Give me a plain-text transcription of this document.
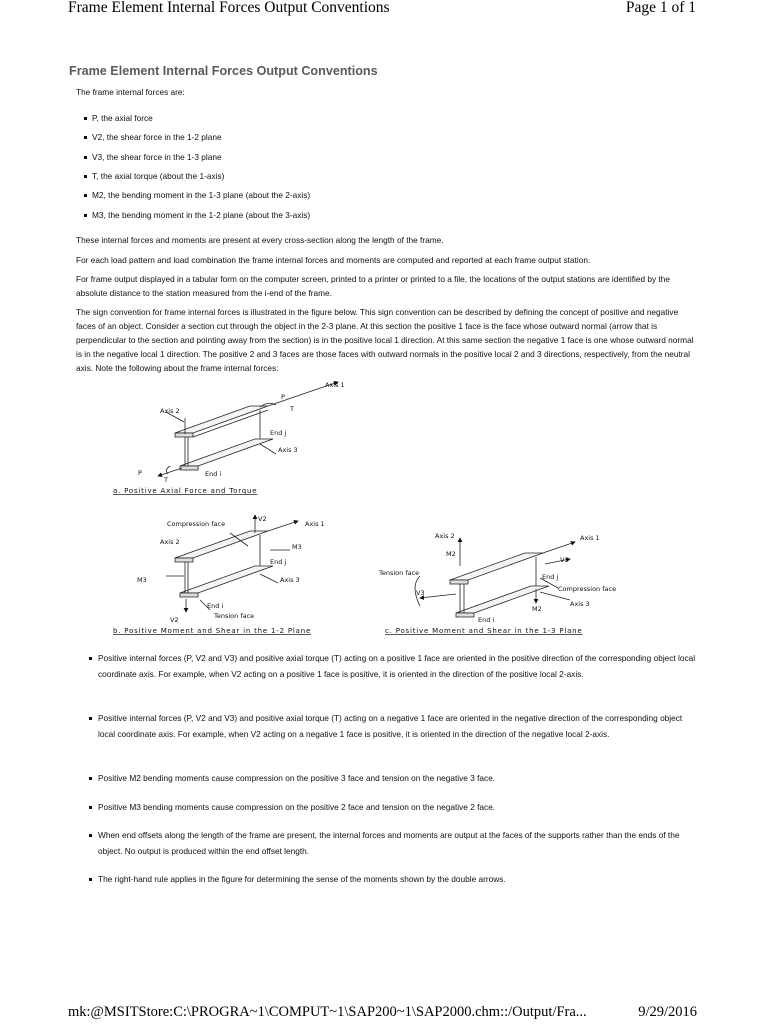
Frame Element Internal Forces Output Conventions	Page 1 of 1
Frame Element Internal Forces Output Conventions
The frame internal forces are:
P, the axial force
V2, the shear force in the 1-2 plane
V3, the shear force in the 1-3 plane
T, the axial torque (about the 1-axis)
M2, the bending moment in the 1-3 plane (about the 2-axis)
M3, the bending moment in the 1-2 plane (about the 3-axis)
These internal forces and moments are present at every cross-section along the length of the frame.
For each load pattern and load combination the frame internal forces and moments are computed and reported at each frame output station.
For frame output displayed in a tabular form on the computer screen, printed to a printer or printed to a file, the locations of the output stations are identified by the absolute distance to the station measured from the i-end of the frame.
The sign convention for frame internal forces is illustrated in the figure below. This sign convention can be described by defining the concept of positive and negative faces of an object. Consider a section cut through the object in the 2-3 plane. At this section the positive 1 face is the face whose outward normal (arrow that is perpendicular to the section and pointing away from the section) is in the positive local 1 direction. At this same section the negative 1 face is one whose outward normal is in the negative local 1 direction. The positive 2 and 3 faces are those faces with outward normals in the positive local 2 and 3 directions, respectively, from the neutral axis. Note the following about the frame internal forces:
Axis 2
Axis 1
P
T
End j
Axis 3
End i
P
T
a. Positive Axial Force and Torque
Compression face
V2
Axis 1
Axis 2
M3
End j
M3	Axis 3
End i
Tension face
V2
b. Positive Moment and Shear in the 1-2 Plane
Axis 2	Axis 1
M2
V3
Tension face	End j
Compression face
V3
Axis 3
M2
End i
c. Positive Moment and Shear in the 1-3 Plane
Positive internal forces (P, V2 and V3) and positive axial torque (T) acting on a positive 1 face are oriented in the positive direction of the corresponding object local coordinate axis. For example, when V2 acting on a positive 1 face is positive, it is oriented in the direction of the positive local 2-axis.
Positive internal forces (P, V2 and V3) and positive axial torque (T) acting on a negative 1 face are oriented in the negative direction of the corresponding object local coordinate axis. For example, when V2 acting on a negative 1 face is positive, it is oriented in the direction of the negative local 2-axis.
Positive M2 bending moments cause compression on the positive 3 face and tension on the negative 3 face.
Positive M3 bending moments cause compression on the positive 2 face and tension on the negative 2 face.
When end offsets along the length of the frame are present, the internal forces and moments are output at the faces of the supports rather than the ends of the object. No output is produced within the end offset length.
The right-hand rule applies in the figure for determining the sense of the moments shown by the double arrows.
mk:@MSITStore:C:\PROGRA~1\COMPUT~1\SAP200~1\SAP2000.chm::/Output/Fra...	9/29/2016
